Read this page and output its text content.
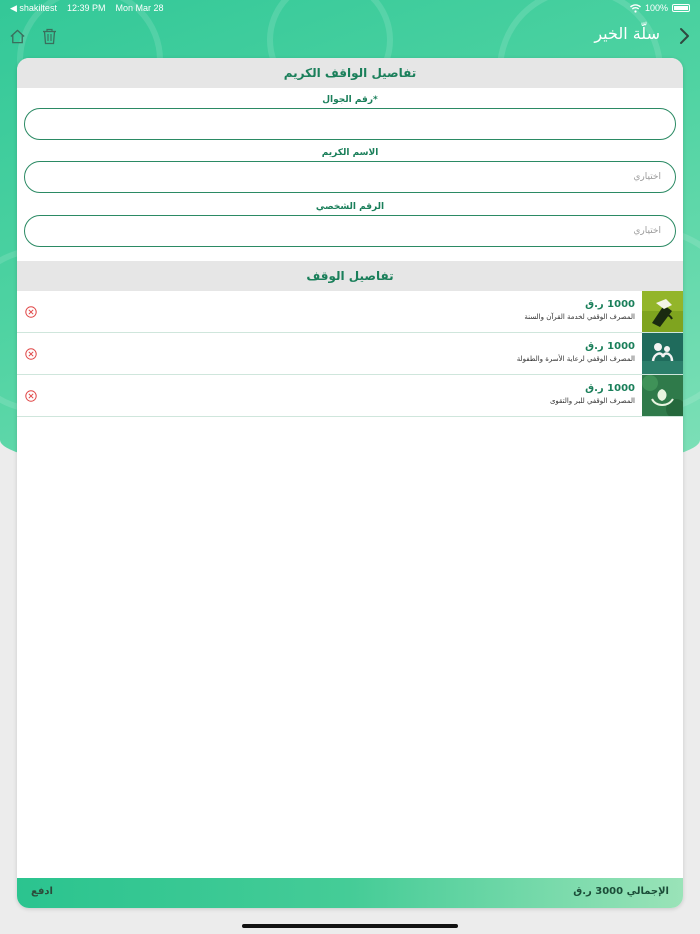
◀ shakiltest 12:39 PM Mon Mar 28	100%
سلّة الخير
تفاصيل الواقف الكريم
رقم الجوال*
الاسم الكريم
اختياري
الرقم الشخصي
اختياري
تفاصيل الوقف
1000 ر.ق
المصرف الوقفي لخدمة القرآن والسنة
1000 ر.ق
المصرف الوقفي لرعاية الأسرة والطفولة
1000 ر.ق
المصرف الوقفي للبر والتقوى
ادفع	الإجمالي 3000 ر.ق
